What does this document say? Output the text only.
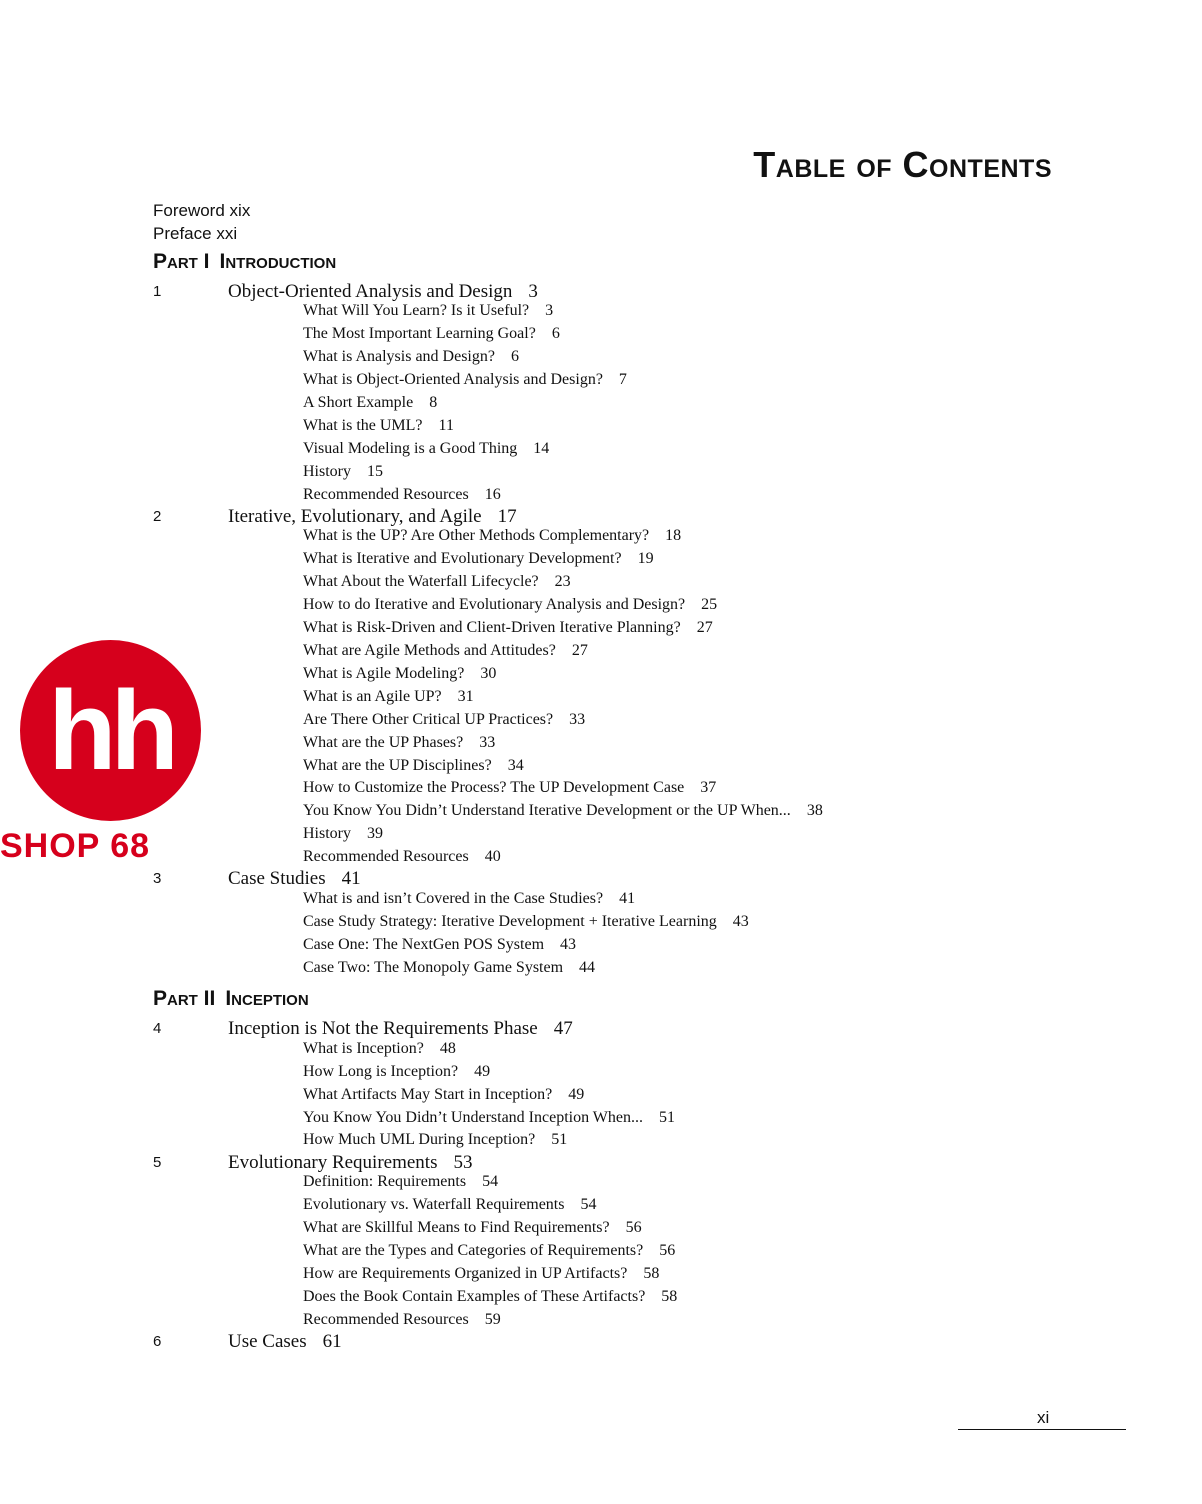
Table of Contents
Foreword xix
Preface xxi
Part I Introduction
1	Object-Oriented Analysis and Design 3
What Will You Learn? Is it Useful? 3
The Most Important Learning Goal? 6
What is Analysis and Design? 6
What is Object-Oriented Analysis and Design? 7
A Short Example 8
What is the UML? 11
Visual Modeling is a Good Thing 14
History 15
Recommended Resources 16
2	Iterative, Evolutionary, and Agile 17
What is the UP? Are Other Methods Complementary? 18
What is Iterative and Evolutionary Development? 19
What About the Waterfall Lifecycle? 23
How to do Iterative and Evolutionary Analysis and Design? 25
What is Risk-Driven and Client-Driven Iterative Planning? 27
What are Agile Methods and Attitudes? 27
What is Agile Modeling? 30
What is an Agile UP? 31
Are There Other Critical UP Practices? 33
What are the UP Phases? 33
What are the UP Disciplines? 34
How to Customize the Process? The UP Development Case 37
You Know You Didn’t Understand Iterative Development or the UP When... 38
History 39
Recommended Resources 40
3	Case Studies 41
What is and isn’t Covered in the Case Studies? 41
Case Study Strategy: Iterative Development + Iterative Learning 43
Case One: The NextGen POS System 43
Case Two: The Monopoly Game System 44
Part II Inception
4	Inception is Not the Requirements Phase 47
What is Inception? 48
How Long is Inception? 49
What Artifacts May Start in Inception? 49
You Know You Didn’t Understand Inception When... 51
How Much UML During Inception? 51
5	Evolutionary Requirements 53
Definition: Requirements 54
Evolutionary vs. Waterfall Requirements 54
What are Skillful Means to Find Requirements? 56
What are the Types and Categories of Requirements? 56
How are Requirements Organized in UP Artifacts? 58
Does the Book Contain Examples of These Artifacts? 58
Recommended Resources 59
6	Use Cases 61
hh
SHOP 68
xi
